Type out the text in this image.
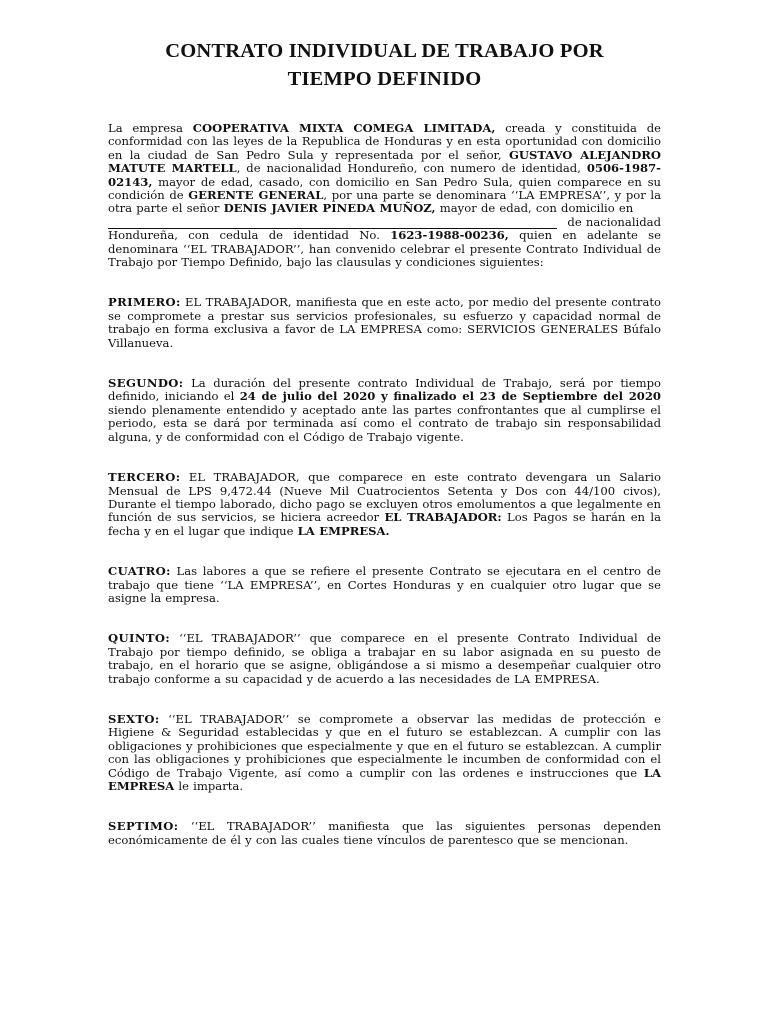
CONTRATO INDIVIDUAL DE TRABAJO POR
TIEMPO DEFINIDO
La empresa COOPERATIVA MIXTA COMEGA LIMITADA, creada y constituida de conformidad con las leyes de la Republica de Honduras y en esta oportunidad con domicilio en la ciudad de San Pedro Sula y representada por el señor, GUSTAVO ALEJANDRO MATUTE MARTELL, de nacionalidad Hondureño, con numero de identidad, 0506-1987-02143, mayor de edad, casado, con domicilio en San Pedro Sula, quien comparece en su condición de GERENTE GENERAL, por una parte se denominara ‘‘LA EMPRESA’’, y por la otra parte el señor DENIS JAVIER PINEDA MUÑOZ, mayor de edad, con domicilio en
de nacionalidad
Hondureña, con cedula de identidad No. 1623-1988-00236, quien en adelante se denominara ‘‘EL TRABAJADOR’’, han convenido celebrar el presente Contrato Individual de Trabajo por Tiempo Definido, bajo las clausulas y condiciones siguientes:

PRIMERO: EL TRABAJADOR, manifiesta que en este acto, por medio del presente contrato se compromete a prestar sus servicios profesionales, su esfuerzo y capacidad normal de trabajo en forma exclusiva a favor de LA EMPRESA como: SERVICIOS GENERALES Búfalo Villanueva.

SEGUNDO: La duración del presente contrato Individual de Trabajo, será por tiempo definido, iniciando el 24 de julio del 2020 y finalizado el 23 de Septiembre del 2020 siendo plenamente entendido y aceptado ante las partes confrontantes que al cumplirse el periodo, esta se dará por terminada así como el contrato de trabajo sin responsabilidad alguna, y de conformidad con el Código de Trabajo vigente.

TERCERO: EL TRABAJADOR, que comparece en este contrato devengara un Salario Mensual de LPS 9,472.44 (Nueve Mil Cuatrocientos Setenta y Dos con 44/100 civos), Durante el tiempo laborado, dicho pago se excluyen otros emolumentos a que legalmente en función de sus servicios, se hiciera acreedor EL TRABAJADOR: Los Pagos se harán en la fecha y en el lugar que indique LA EMPRESA.

CUATRO: Las labores a que se refiere el presente Contrato se ejecutara en el centro de trabajo que tiene ‘‘LA EMPRESA’’, en Cortes Honduras y en cualquier otro lugar que se asigne la empresa.

QUINTO: ‘‘EL TRABAJADOR’’ que comparece en el presente Contrato Individual de Trabajo por tiempo definido, se obliga a trabajar en su labor asignada en su puesto de trabajo, en el horario que se asigne, obligándose a si mismo a desempeñar cualquier otro trabajo conforme a su capacidad y de acuerdo a las necesidades de LA EMPRESA.

SEXTO: ‘‘EL TRABAJADOR’’ se compromete a observar las medidas de protección e Higiene & Seguridad establecidas y que en el futuro se establezcan. A cumplir con las obligaciones y prohibiciones que especialmente y que en el futuro se establezcan. A cumplir con las obligaciones y prohibiciones que especialmente le incumben de conformidad con el Código de Trabajo Vigente, así como a cumplir con las ordenes e instrucciones que LA EMPRESA le imparta.

SEPTIMO: ‘‘EL TRABAJADOR’’ manifiesta que las siguientes personas dependen económicamente de él y con las cuales tiene vínculos de parentesco que se mencionan.
